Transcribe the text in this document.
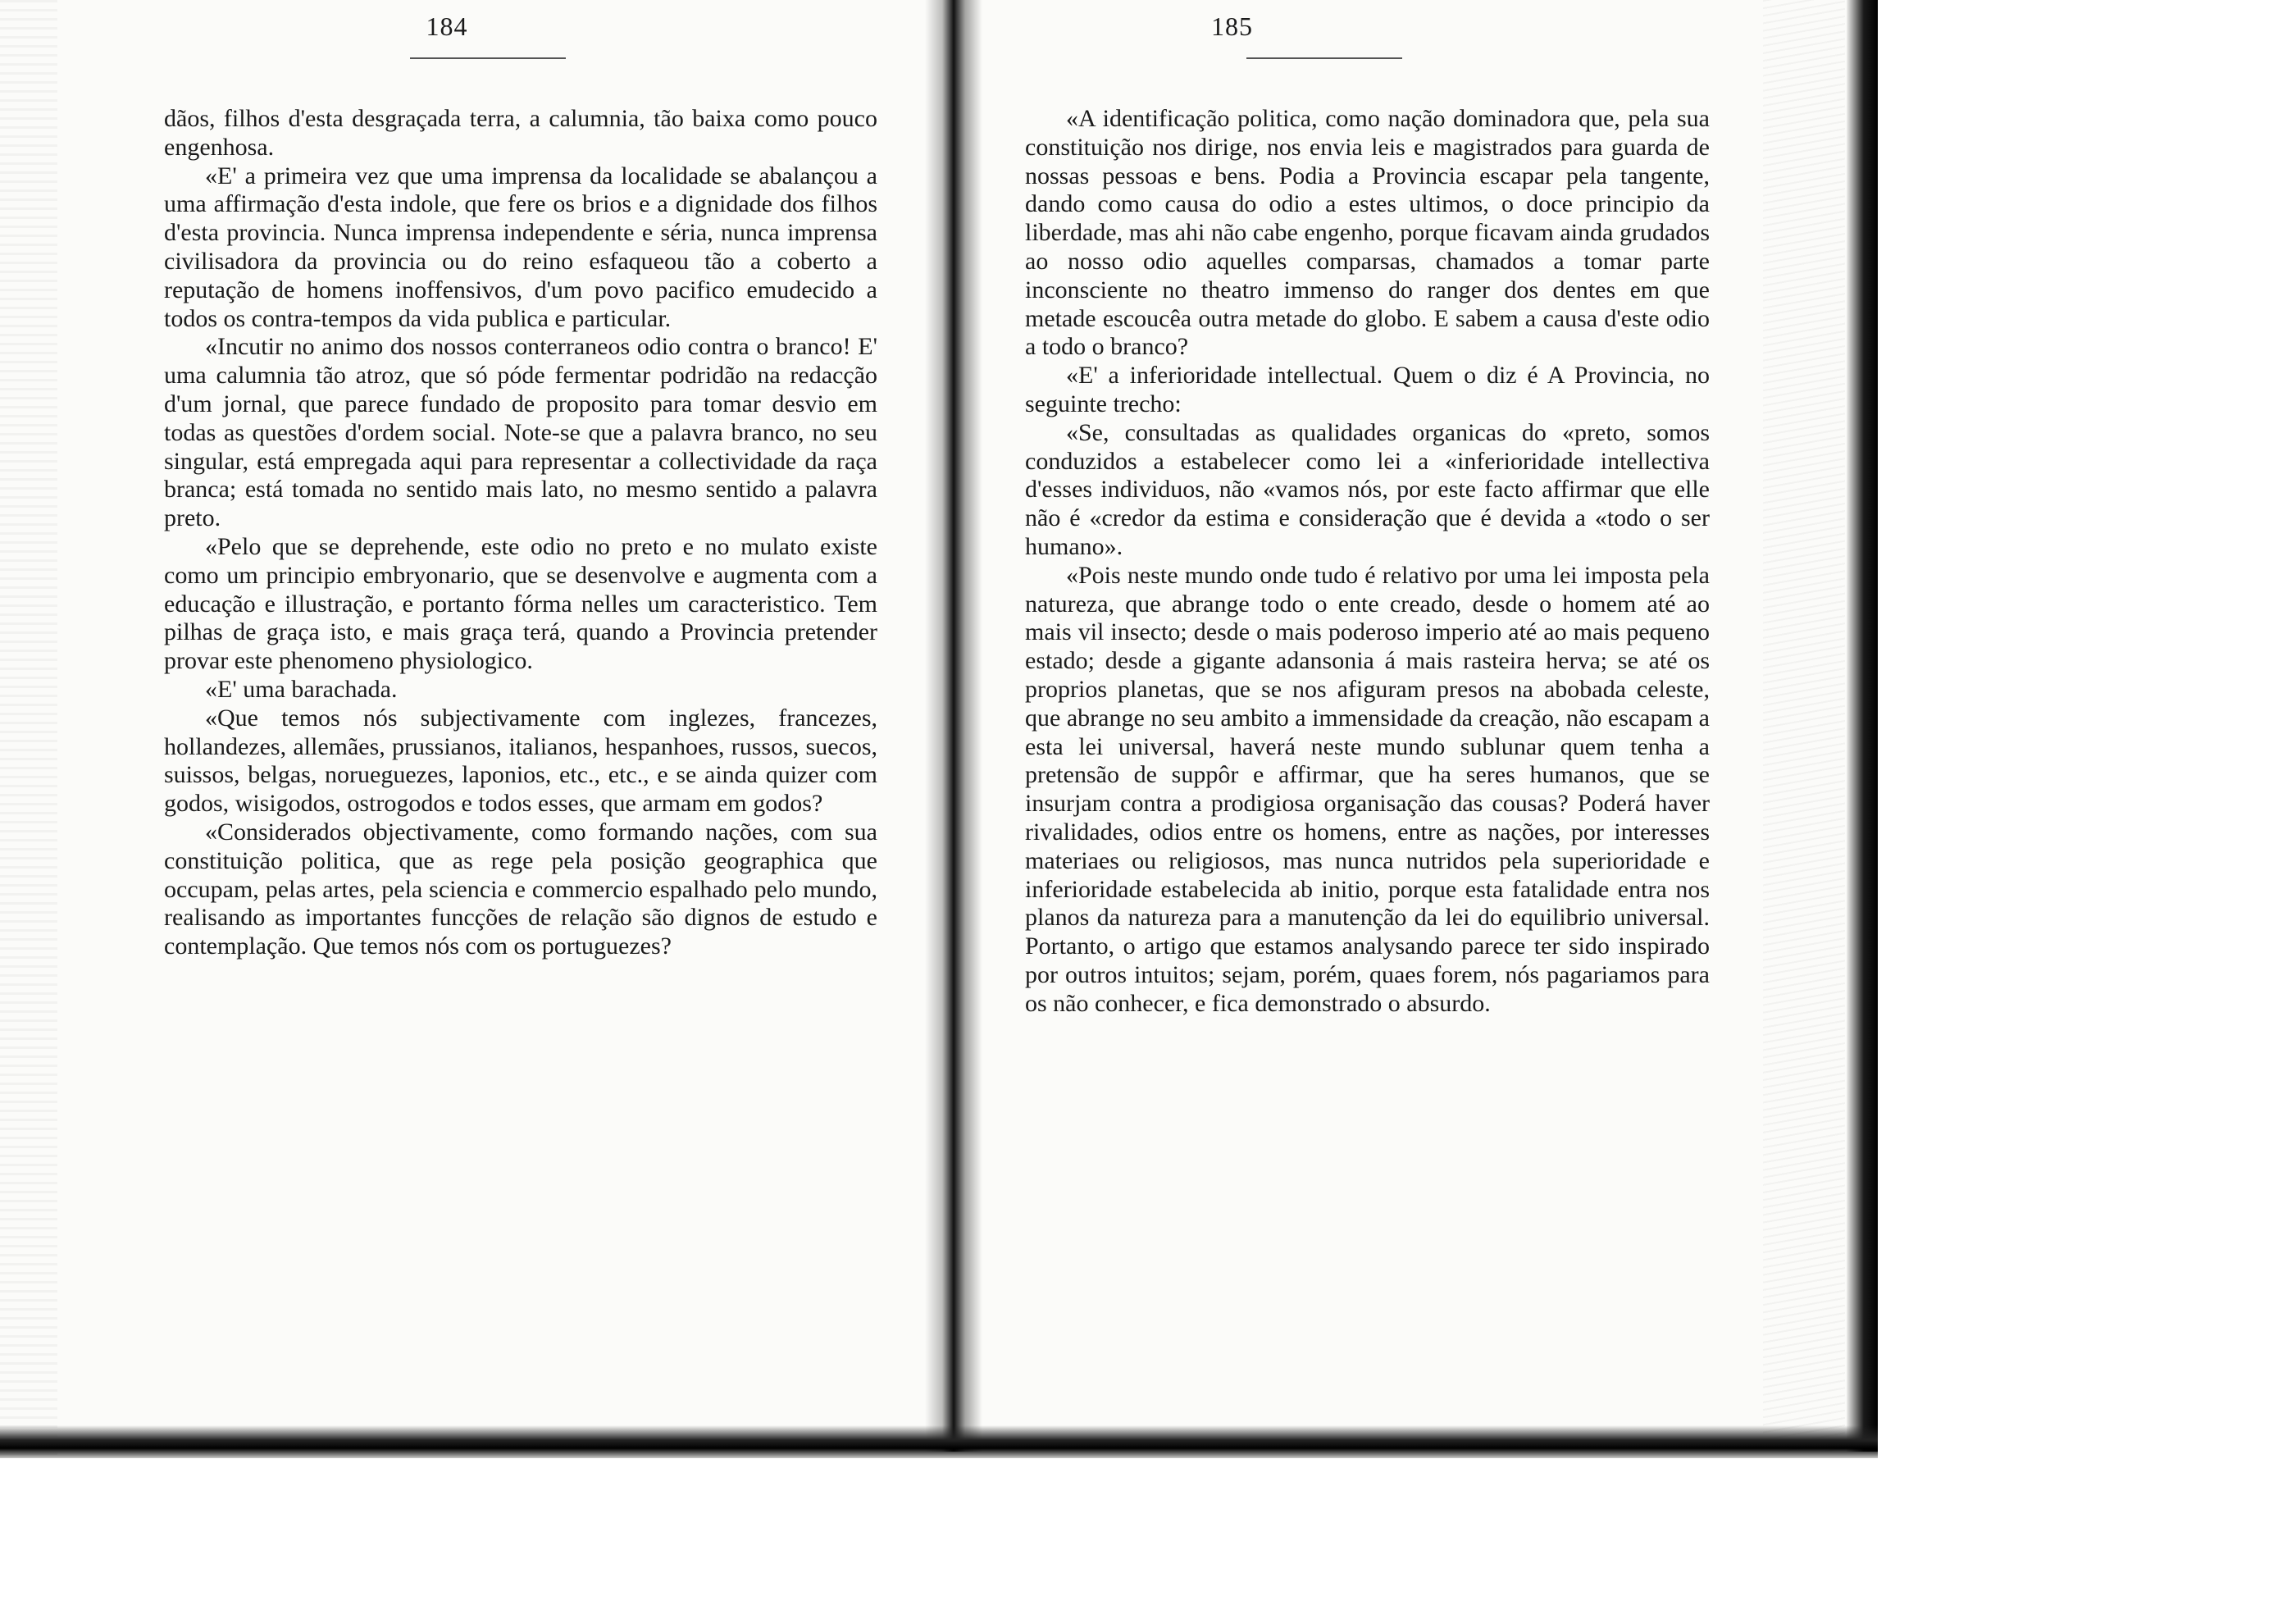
184

dãos, filhos d'esta desgraçada terra, a calumnia, tão baixa como pouco engenhosa.

«E' a primeira vez que uma imprensa da localidade se abalançou a uma affirmação d'esta indole, que fere os brios e a dignidade dos filhos d'esta provincia. Nunca imprensa independente e séria, nunca imprensa civilisadora da provincia ou do reino esfaqueou tão a coberto a reputação de homens inoffensivos, d'um povo pacifico emudecido a todos os contra-tempos da vida publica e particular.

«Incutir no animo dos nossos conterraneos odio contra o branco! E' uma calumnia tão atroz, que só póde fermentar podridão na redacção d'um jornal, que parece fundado de proposito para tomar desvio em todas as questões d'ordem social. Note-se que a palavra branco, no seu singular, está empregada aqui para representar a collectividade da raça branca; está tomada no sentido mais lato, no mesmo sentido a palavra preto.

«Pelo que se deprehende, este odio no preto e no mulato existe como um principio embryonario, que se desenvolve e augmenta com a educação e illustração, e portanto fórma nelles um caracteristico. Tem pilhas de graça isto, e mais graça terá, quando a Provincia pretender provar este phenomeno physiologico.

«E' uma barachada.

«Que temos nós subjectivamente com inglezes, francezes, hollandezes, allemães, prussianos, italianos, hespanhoes, russos, suecos, suissos, belgas, norueguezes, laponios, etc., etc., e se ainda quizer com godos, wisigodos, ostrogodos e todos esses, que armam em godos?

«Considerados objectivamente, como formando nações, com sua constituição politica, que as rege pela posição geographica que occupam, pelas artes, pela sciencia e commercio espalhado pelo mundo, realisando as importantes funcções de relação são dignos de estudo e contemplação. Que temos nós com os portuguezes?

185

«A identificação politica, como nação dominadora que, pela sua constituição nos dirige, nos envia leis e magistrados para guarda de nossas pessoas e bens. Podia a Provincia escapar pela tangente, dando como causa do odio a estes ultimos, o doce principio da liberdade, mas ahi não cabe engenho, porque ficavam ainda grudados ao nosso odio aquelles comparsas, chamados a tomar parte inconsciente no theatro immenso do ranger dos dentes em que metade escoucêa outra metade do globo. E sabem a causa d'este odio a todo o branco?

«E' a inferioridade intellectual. Quem o diz é A Provincia, no seguinte trecho:

«Se, consultadas as qualidades organicas do «preto, somos conduzidos a estabelecer como lei a «inferioridade intellectiva d'esses individuos, não «vamos nós, por este facto affirmar que elle não é «credor da estima e consideração que é devida a «todo o ser humano».

«Pois neste mundo onde tudo é relativo por uma lei imposta pela natureza, que abrange todo o ente creado, desde o homem até ao mais vil insecto; desde o mais poderoso imperio até ao mais pequeno estado; desde a gigante adansonia á mais rasteira herva; se até os proprios planetas, que se nos afiguram presos na abobada celeste, que abrange no seu ambito a immensidade da creação, não escapam a esta lei universal, haverá neste mundo sublunar quem tenha a pretensão de suppôr e affirmar, que ha seres humanos, que se insurjam contra a prodigiosa organisação das cousas? Poderá haver rivalidades, odios entre os homens, entre as nações, por interesses materiaes ou religiosos, mas nunca nutridos pela superioridade e inferioridade estabelecida ab initio, porque esta fatalidade entra nos planos da natureza para a manutenção da lei do equilibrio universal. Portanto, o artigo que estamos analysando parece ter sido inspirado por outros intuitos; sejam, porém, quaes forem, nós pagariamos para os não conhecer, e fica demonstrado o absurdo.
